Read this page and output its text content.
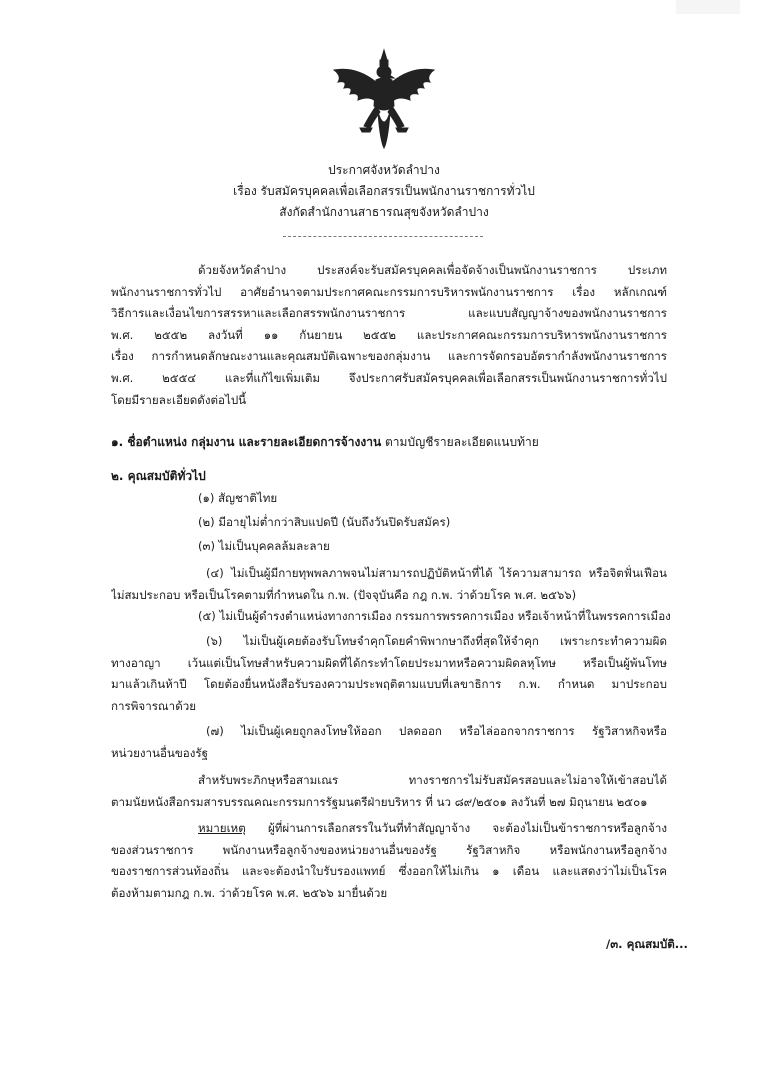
ประกาศจังหวัดลำปาง
เรื่อง รับสมัครบุคคลเพื่อเลือกสรรเป็นพนักงานราชการทั่วไป
สังกัดสำนักงานสาธารณสุขจังหวัดลำปาง
ด้วยจังหวัดลำปาง ประสงค์จะรับสมัครบุคคลเพื่อจัดจ้างเป็นพนักงานราชการ ประเภท
พนักงานราชการทั่วไป อาศัยอำนาจตามประกาศคณะกรรมการบริหารพนักงานราชการ เรื่อง หลักเกณฑ์
วิธีการและเงื่อนไขการสรรหาและเลือกสรรพนักงานราชการ และแบบสัญญาจ้างของพนักงานราชการ
พ.ศ. ๒๕๕๒ ลงวันที่ ๑๑ กันยายน ๒๕๕๒ และประกาศคณะกรรมการบริหารพนักงานราชการ
เรื่อง การกำหนดลักษณะงานและคุณสมบัติเฉพาะของกลุ่มงาน และการจัดกรอบอัตรากำลังพนักงานราชการ
พ.ศ. ๒๕๕๔ และที่แก้ไขเพิ่มเติม จึงประกาศรับสมัครบุคคลเพื่อเลือกสรรเป็นพนักงานราชการทั่วไป
โดยมีรายละเอียดดังต่อไปนี้
๑. ชื่อตำแหน่ง กลุ่มงาน และรายละเอียดการจ้างงาน ตามบัญชีรายละเอียดแนบท้าย
๒. คุณสมบัติทั่วไป
(๑) สัญชาติไทย
(๒) มีอายุไม่ต่ำกว่าสิบแปดปี (นับถึงวันปิดรับสมัคร)
(๓) ไม่เป็นบุคคลล้มละลาย
(๔) ไม่เป็นผู้มีกายทุพพลภาพจนไม่สามารถปฏิบัติหน้าที่ได้ ไร้ความสามารถ หรือจิตฟั่นเฟือน
ไม่สมประกอบ หรือเป็นโรคตามที่กำหนดใน ก.พ. (ปัจจุบันคือ กฎ ก.พ. ว่าด้วยโรค พ.ศ. ๒๕๖๖)
(๕) ไม่เป็นผู้ดำรงตำแหน่งทางการเมือง กรรมการพรรคการเมือง หรือเจ้าหน้าที่ในพรรคการเมือง
(๖) ไม่เป็นผู้เคยต้องรับโทษจำคุกโดยคำพิพากษาถึงที่สุดให้จำคุก เพราะกระทำความผิด
ทางอาญา เว้นแต่เป็นโทษสำหรับความผิดที่ได้กระทำโดยประมาทหรือความผิดลหุโทษ หรือเป็นผู้พ้นโทษ
มาแล้วเกินห้าปี โดยต้องยื่นหนังสือรับรองความประพฤติตามแบบที่เลขาธิการ ก.พ. กำหนด มาประกอบ
การพิจารณาด้วย
(๗) ไม่เป็นผู้เคยถูกลงโทษให้ออก ปลดออก หรือไล่ออกจากราชการ รัฐวิสาหกิจหรือ
หน่วยงานอื่นของรัฐ
สำหรับพระภิกษุหรือสามเณร ทางราชการไม่รับสมัครสอบและไม่อาจให้เข้าสอบได้
ตามนัยหนังสือกรมสารบรรณคณะกรรมการรัฐมนตรีฝ่ายบริหาร ที่ นว ๘๙/๒๕๐๑ ลงวันที่ ๒๗ มิถุนายน ๒๕๐๑
หมายเหตุ ผู้ที่ผ่านการเลือกสรรในวันที่ทำสัญญาจ้าง จะต้องไม่เป็นข้าราชการหรือลูกจ้าง
ของส่วนราชการ พนักงานหรือลูกจ้างของหน่วยงานอื่นของรัฐ รัฐวิสาหกิจ หรือพนักงานหรือลูกจ้าง
ของราชการส่วนท้องถิ่น และจะต้องนำใบรับรองแพทย์ ซึ่งออกให้ไม่เกิน ๑ เดือน และแสดงว่าไม่เป็นโรค
ต้องห้ามตามกฎ ก.พ. ว่าด้วยโรค พ.ศ. ๒๕๖๖ มายื่นด้วย
/๓. คุณสมบัติ...
